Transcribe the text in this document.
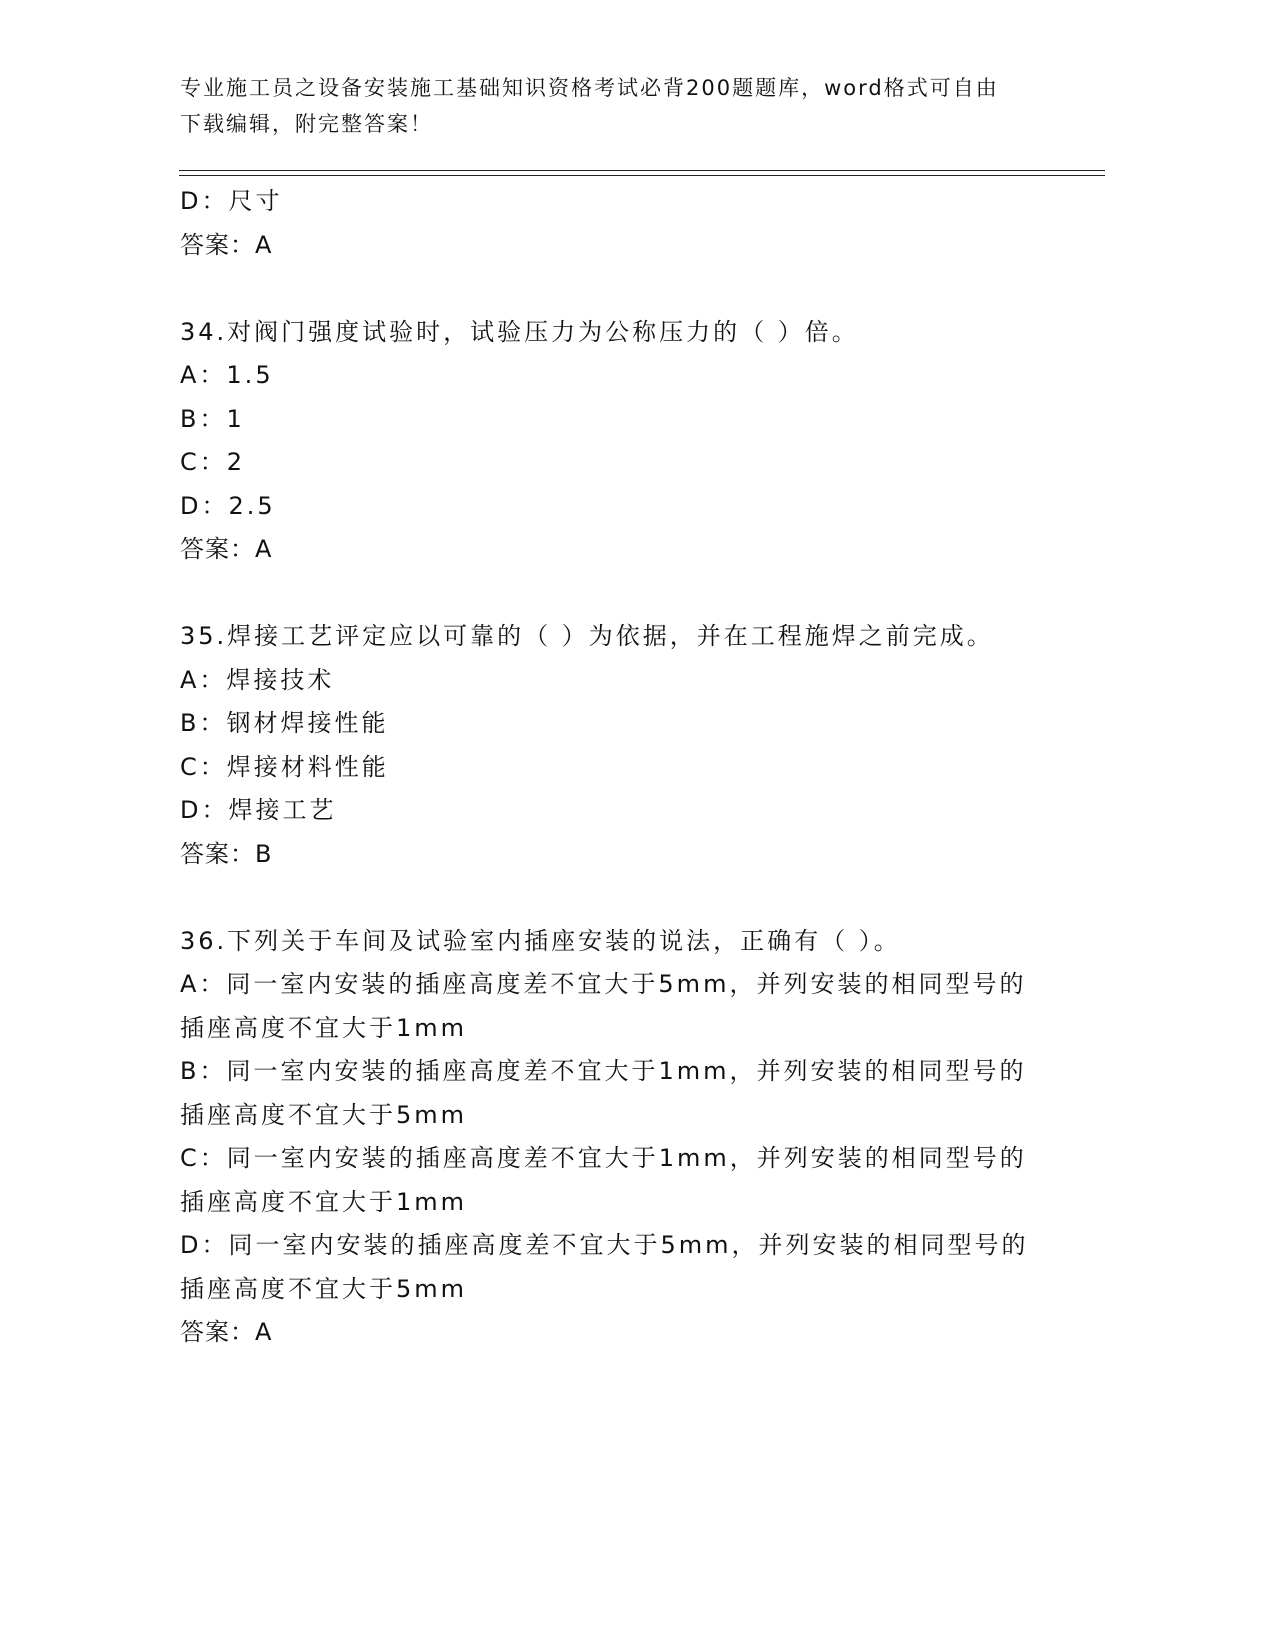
专业施工员之设备安装施工基础知识资格考试必背200题题库，word格式可自由
下载编辑，附完整答案！
D：尺寸
答案：A
34.对阀门强度试验时，试验压力为公称压力的（ ）倍。
A：1.5
B：1
C：2
D：2.5
答案：A
35.焊接工艺评定应以可靠的（ ）为依据，并在工程施焊之前完成。
A：焊接技术
B：钢材焊接性能
C：焊接材料性能
D：焊接工艺
答案：B
36.下列关于车间及试验室内插座安装的说法，正确有（ ）。
A：同一室内安装的插座高度差不宜大于5mm，并列安装的相同型号的
插座高度不宜大于1mm
B：同一室内安装的插座高度差不宜大于1mm，并列安装的相同型号的
插座高度不宜大于5mm
C：同一室内安装的插座高度差不宜大于1mm，并列安装的相同型号的
插座高度不宜大于1mm
D：同一室内安装的插座高度差不宜大于5mm，并列安装的相同型号的
插座高度不宜大于5mm
答案：A
